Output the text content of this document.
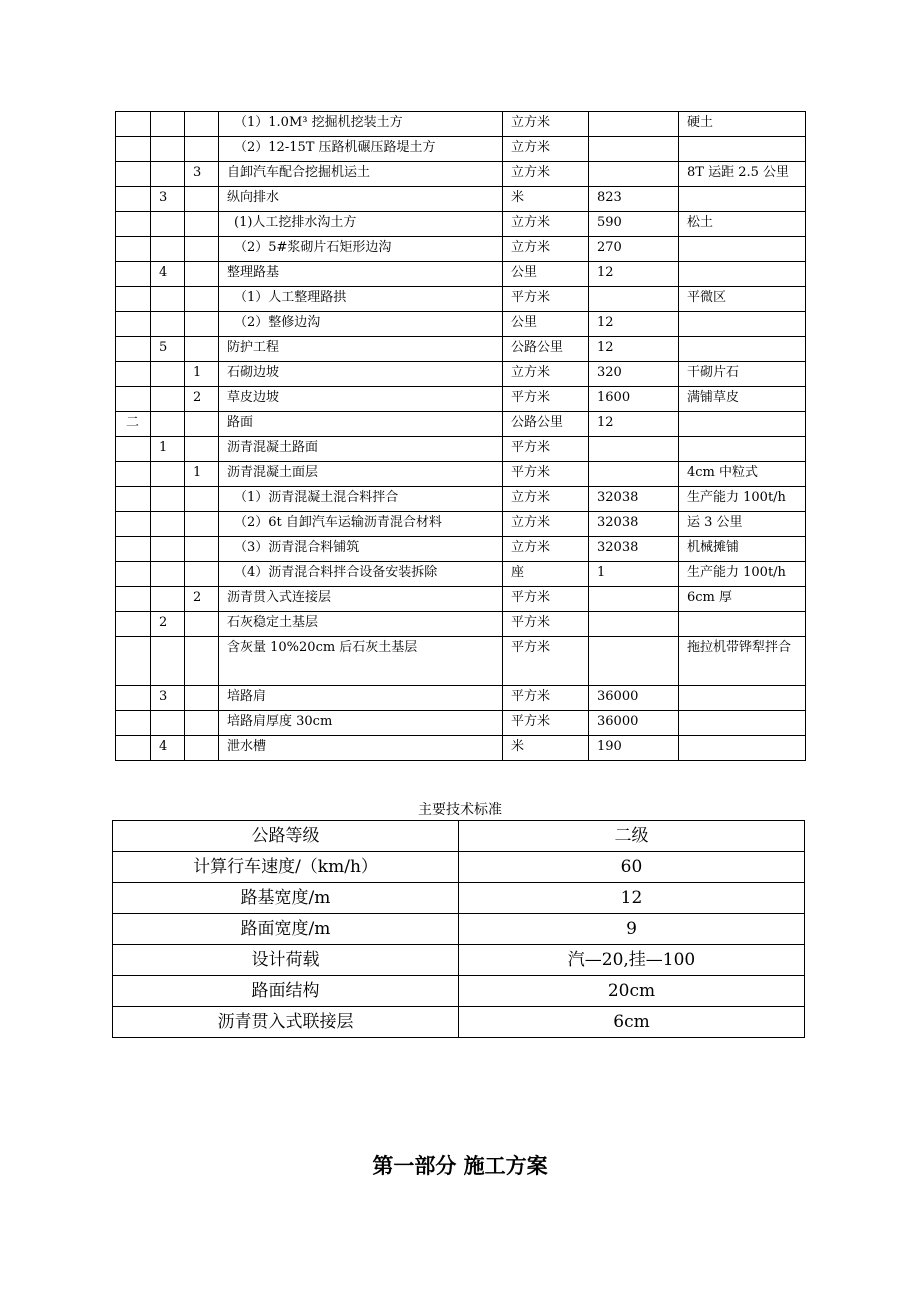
			（1）1.0M³ 挖掘机挖装土方	立方米		硬土
			（2）12-15T 压路机碾压路堤土方	立方米		
		3	自卸汽车配合挖掘机运土	立方米		8T 运距 2.5 公里
	3		纵向排水	米	823	
			(1)人工挖排水沟土方	立方米	590	松土
			（2）5#浆砌片石矩形边沟	立方米	270	
	4		整理路基	公里	12	
			（1）人工整理路拱	平方米		平微区
			（2）整修边沟	公里	12	
	5		防护工程	公路公里	12	
		1	石砌边坡	立方米	320	干砌片石
		2	草皮边坡	平方米	1600	满铺草皮
二			路面	公路公里	12	
	1		沥青混凝土路面	平方米		
		1	沥青混凝土面层	平方米		4cm 中粒式
			（1）沥青混凝土混合料拌合	立方米	32038	生产能力 100t/h
			（2）6t 自卸汽车运输沥青混合材料	立方米	32038	运 3 公里
			（3）沥青混合料铺筑	立方米	32038	机械摊铺
			（4）沥青混合料拌合设备安装拆除	座	1	生产能力 100t/h
		2	沥青贯入式连接层	平方米		6cm 厚
	2		石灰稳定土基层	平方米		
			含灰量 10%20cm 后石灰土基层	平方米		拖拉机带铧犁拌合
	3		培路肩	平方米	36000	
			培路肩厚度 30cm	平方米	36000	
	4		泄水槽	米	190	
主要技术标准
公路等级	二级
计算行车速度/（km/h）	60
路基宽度/m	12
路面宽度/m	9
设计荷载	汽—20,挂—100
路面结构	20cm
沥青贯入式联接层	6cm
第一部分 施工方案
